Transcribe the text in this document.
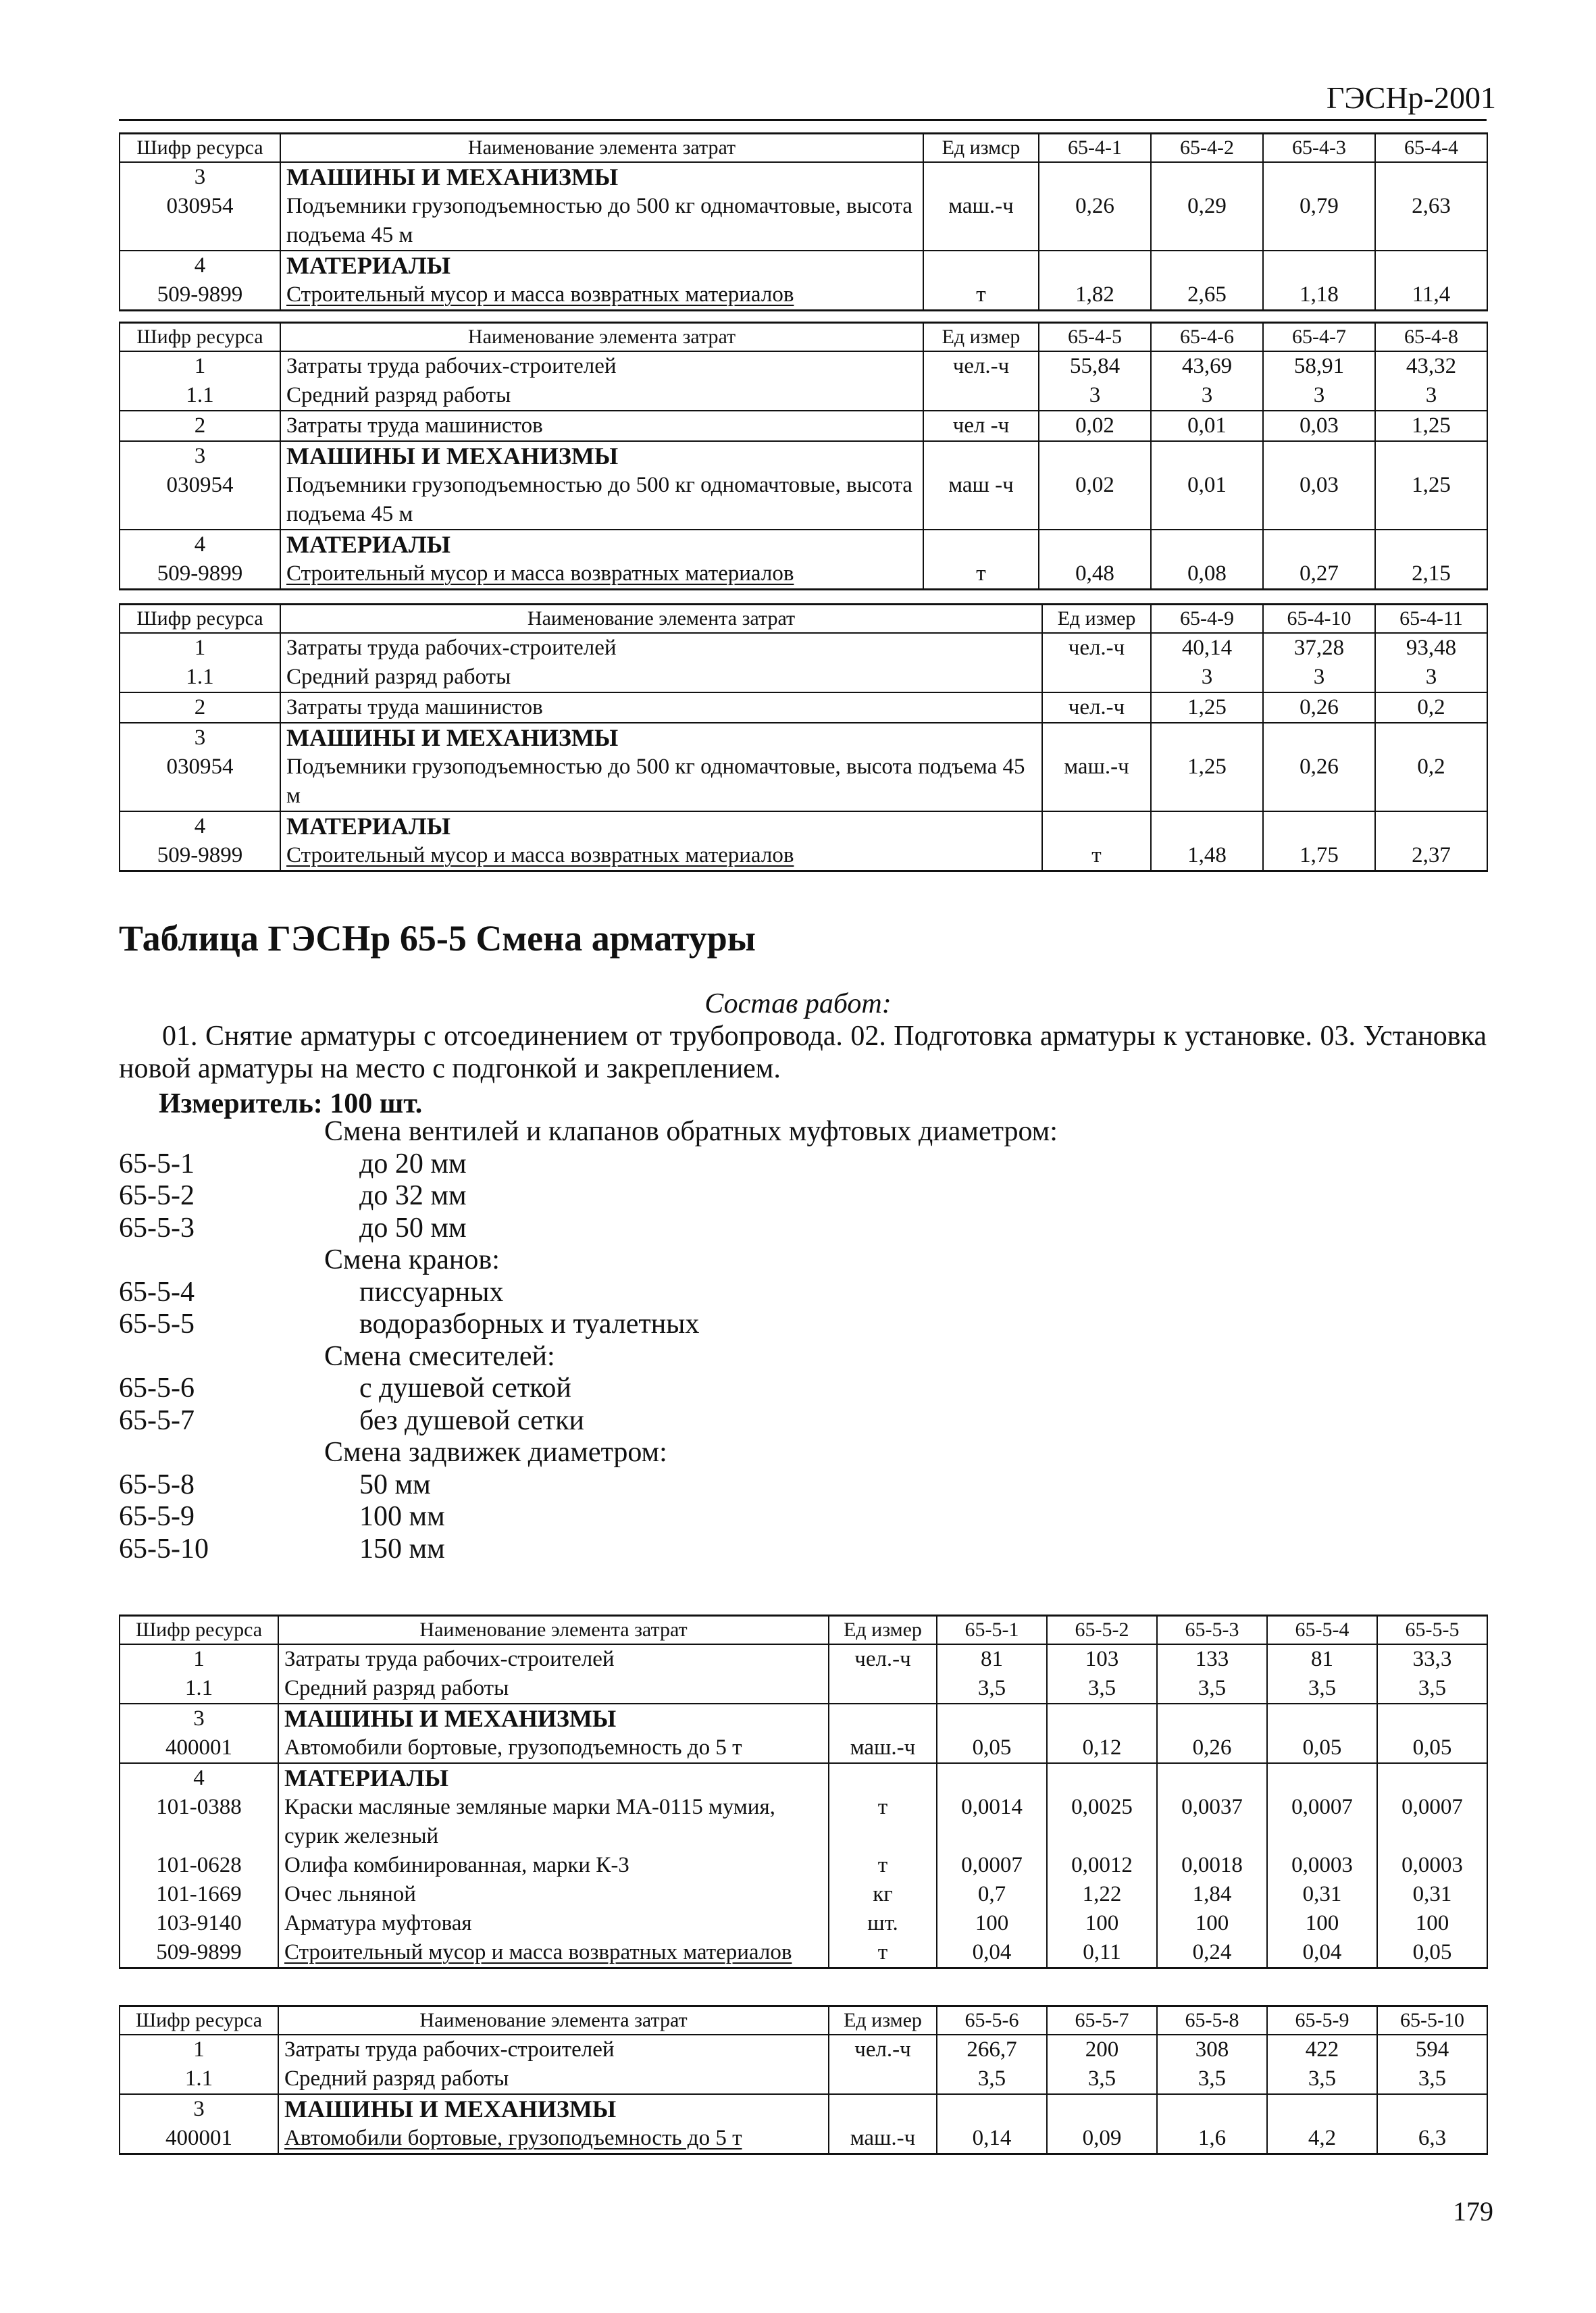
ГЭСНр-2001
Шифр ресурса	Наименование элемента затрат	Ед измср	65-4-1	65-4-2	65-4-3	65-4-4
3	МАШИНЫ И МЕХАНИЗМЫ					
030954	Подъемники грузоподъемностью до 500 кг одномачтовые, высота подъема 45 м	маш.-ч	0,26	0,29	0,79	2,63
4	МАТЕРИАЛЫ					
509-9899	Строительный мусор и масса возвратных материалов	т	1,82	2,65	1,18	11,4
Шифр ресурса	Наименование элемента затрат	Ед измер	65-4-5	65-4-6	65-4-7	65-4-8
1	Затраты труда рабочих-строителей	чел.-ч	55,84	43,69	58,91	43,32
1.1	Средний разряд работы		3	3	3	3
2	Затраты труда машинистов	чел -ч	0,02	0,01	0,03	1,25
3	МАШИНЫ И МЕХАНИЗМЫ					
030954	Подъемники грузоподъемностью до 500 кг одномачтовые, высота подъема 45 м	маш -ч	0,02	0,01	0,03	1,25
4	МАТЕРИАЛЫ					
509-9899	Строительный мусор и масса возвратных материалов	т	0,48	0,08	0,27	2,15
Шифр ресурса	Наименование элемента затрат	Ед измер	65-4-9	65-4-10	65-4-11
1	Затраты труда рабочих-строителей	чел.-ч	40,14	37,28	93,48
1.1	Средний разряд работы		3	3	3
2	Затраты труда машинистов	чел.-ч	1,25	0,26	0,2
3	МАШИНЫ И МЕХАНИЗМЫ				
030954	Подъемники грузоподъемностью до 500 кг одномачтовые, высота подъема 45 м	маш.-ч	1,25	0,26	0,2
4	МАТЕРИАЛЫ				
509-9899	Строительный мусор и масса возвратных материалов	т	1,48	1,75	2,37
Таблица ГЭСНр 65-5 Смена арматуры
Состав работ:
01. Снятие арматуры с отсоединением от трубопровода. 02. Подготовка арматуры к установке. 03. Установка новой арматуры на место с подгонкой и закреплением.
Измеритель: 100 шт.
Смена вентилей и клапанов обратных муфтовых диаметром:
65-5-1	до 20 мм
65-5-2	до 32 мм
65-5-3	до 50 мм
Смена кранов:
65-5-4	писсуарных
65-5-5	водоразборных и туалетных
Смена смесителей:
65-5-6	с душевой сеткой
65-5-7	без душевой сетки
Смена задвижек диаметром:
65-5-8	50 мм
65-5-9	100 мм
65-5-10	150 мм
Шифр ресурса	Наименование элемента затрат	Ед измер	65-5-1	65-5-2	65-5-3	65-5-4	65-5-5
1	Затраты труда рабочих-строителей	чел.-ч	81	103	133	81	33,3
1.1	Средний разряд работы		3,5	3,5	3,5	3,5	3,5
3	МАШИНЫ И МЕХАНИЗМЫ						
400001	Автомобили бортовые, грузоподъемность до 5 т	маш.-ч	0,05	0,12	0,26	0,05	0,05
4	МАТЕРИАЛЫ						
101-0388	Краски масляные земляные марки МА-0115 мумия, сурик железный	т	0,0014	0,0025	0,0037	0,0007	0,0007
101-0628	Олифа комбинированная, марки К-3	т	0,0007	0,0012	0,0018	0,0003	0,0003
101-1669	Очес льняной	кг	0,7	1,22	1,84	0,31	0,31
103-9140	Арматура муфтовая	шт.	100	100	100	100	100
509-9899	Строительный мусор и масса возвратных материалов	т	0,04	0,11	0,24	0,04	0,05
Шифр ресурса	Наименование элемента затрат	Ед измер	65-5-6	65-5-7	65-5-8	65-5-9	65-5-10
1	Затраты труда рабочих-строителей	чел.-ч	266,7	200	308	422	594
1.1	Средний разряд работы		3,5	3,5	3,5	3,5	3,5
3	МАШИНЫ И МЕХАНИЗМЫ						
400001	Автомобили бортовые, грузоподъемность до 5 т	маш.-ч	0,14	0,09	1,6	4,2	6,3
179
